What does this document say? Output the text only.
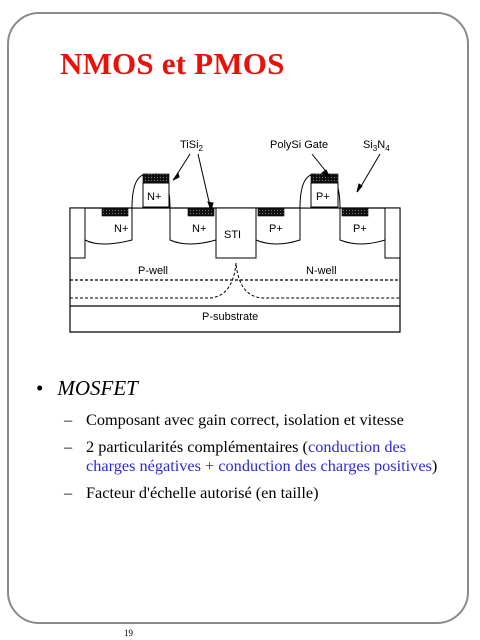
NMOS et PMOS
TiSi$_2$	PolySi Gate	$Si_3N_4$
N+
N+	N+ STI
P+
P+	P+
P-well	N-well
P-substrate
• MOSFET
– Composant avec gain correct, isolation et vitesse
– 2 particularités complémentaires (conduction des charges négatives + conduction des charges positives)
– Facteur d'échelle autorisé (en taille)
19
